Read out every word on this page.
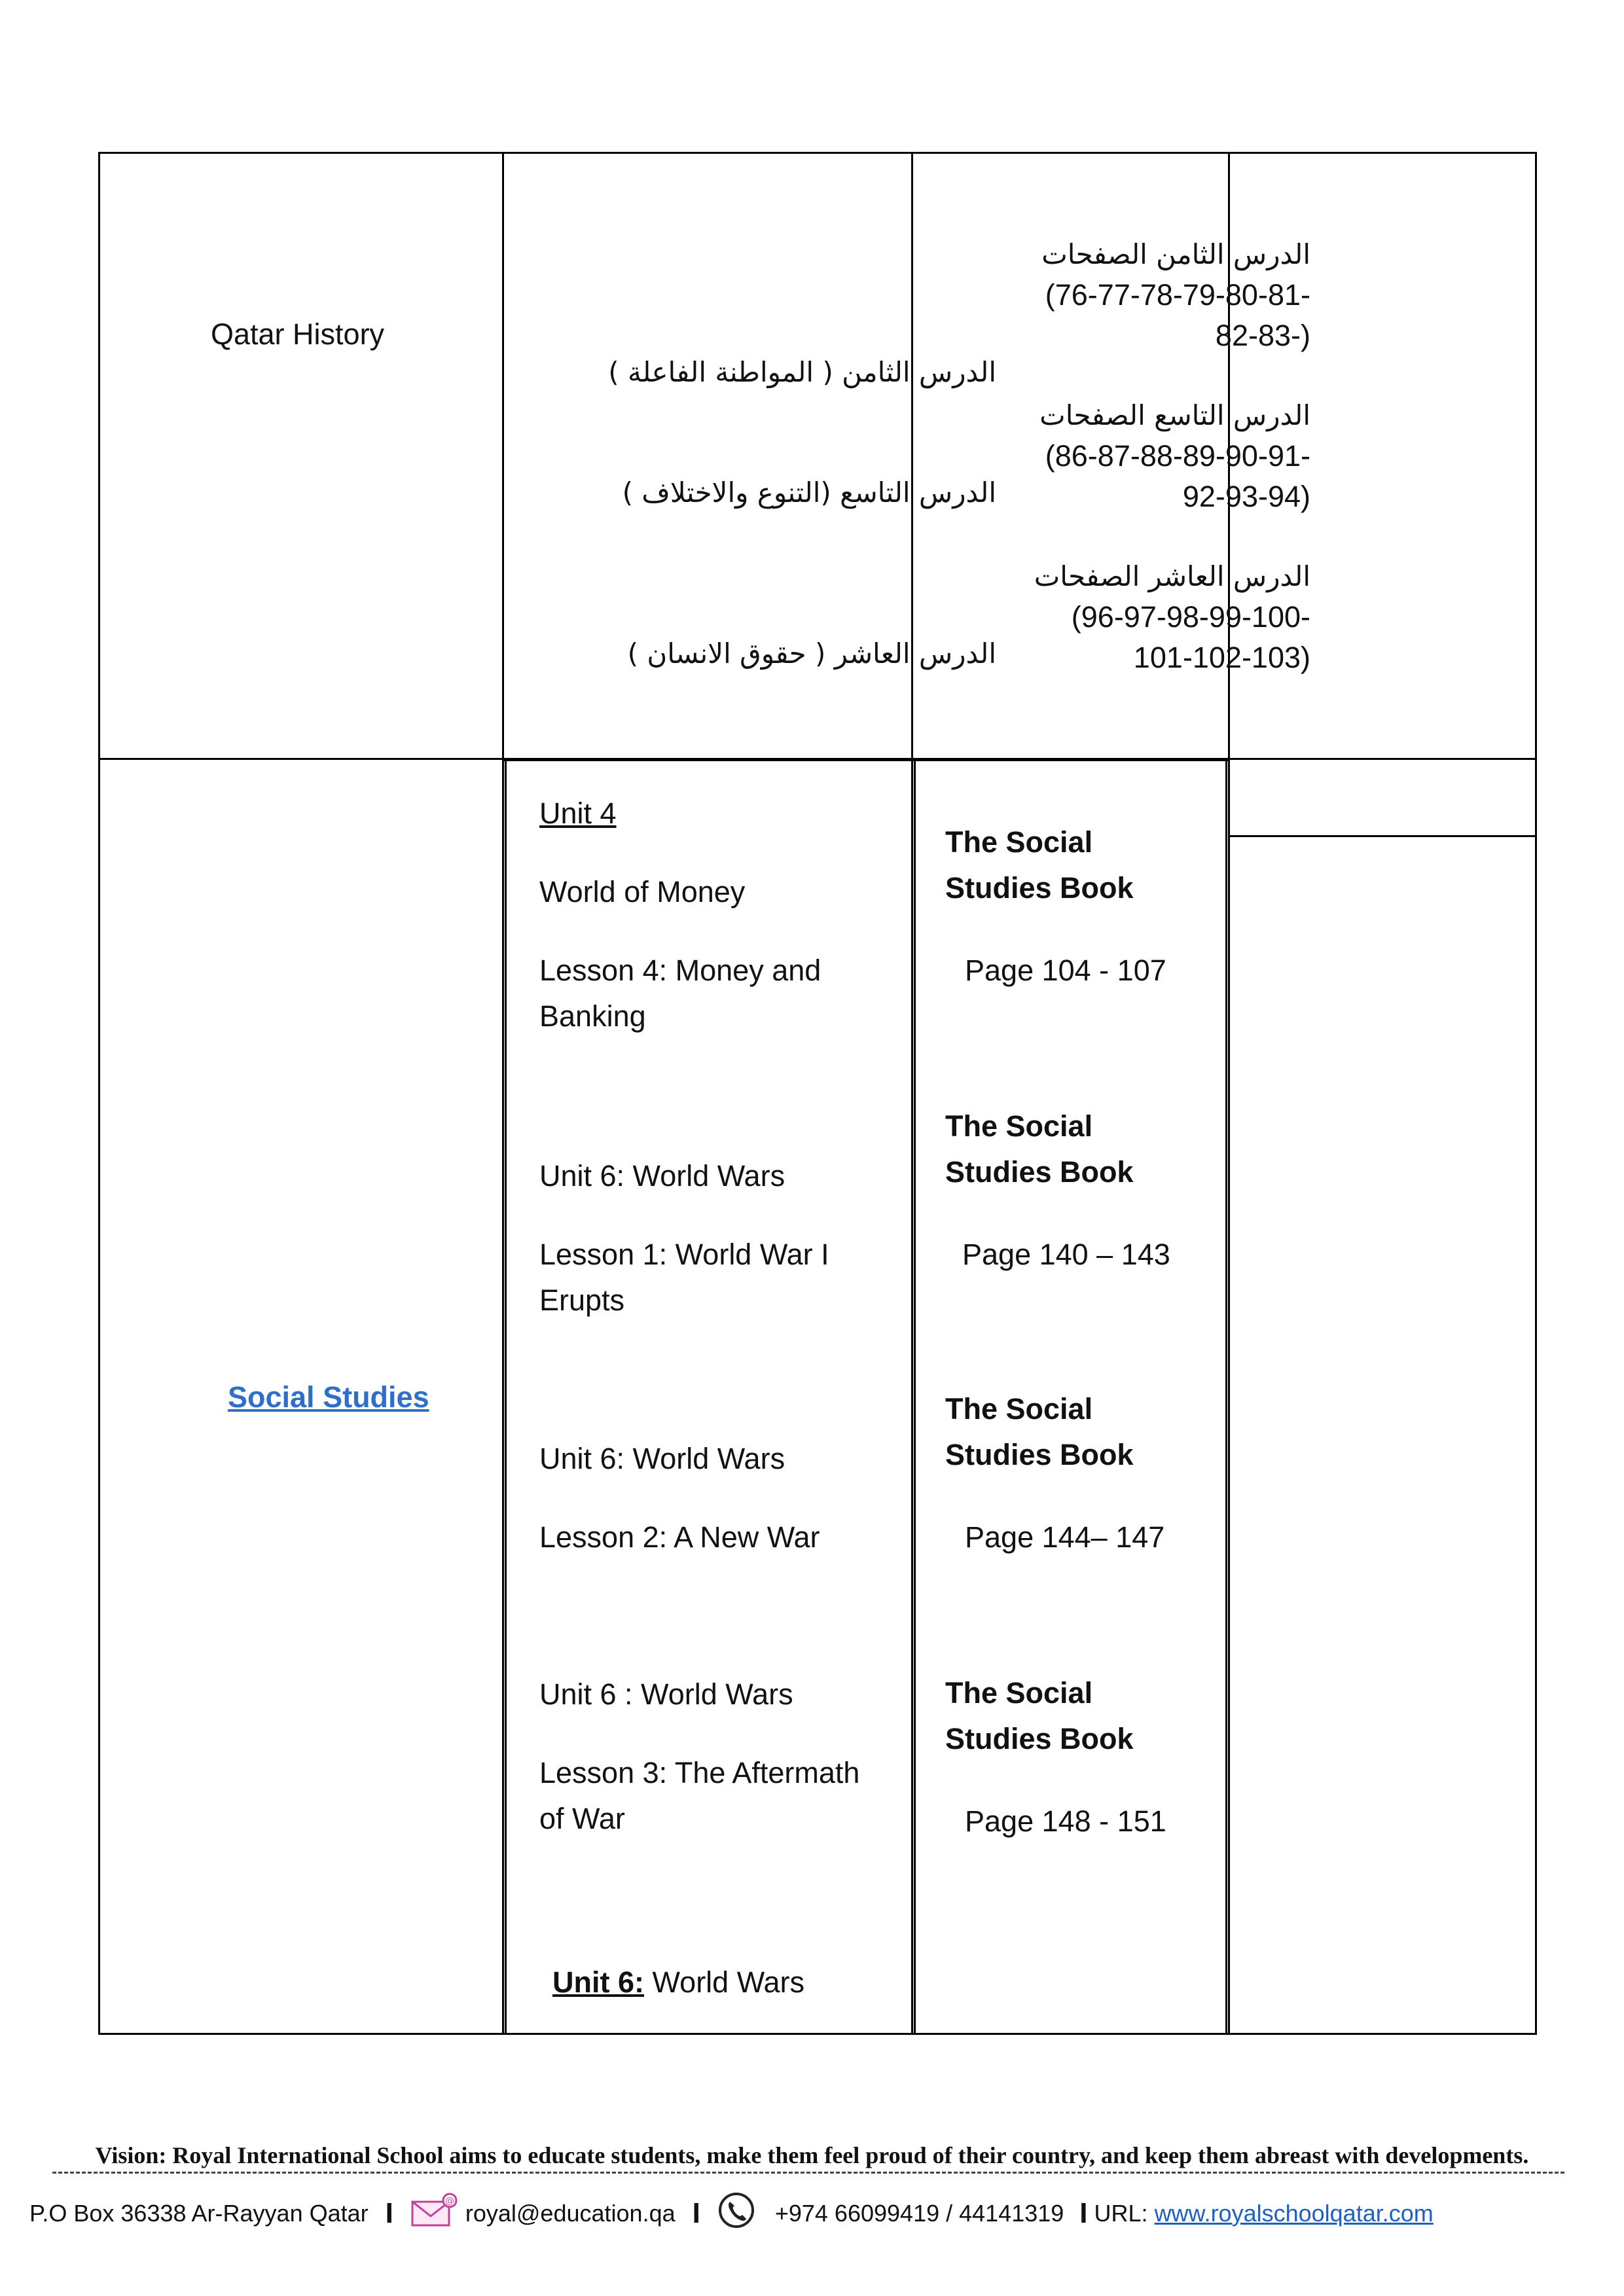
Qatar History
الدرس الثامن ( المواطنة الفاعلة )
الدرس التاسع (التنوع والاختلاف )
الدرس العاشر ( حقوق الانسان )
الدرس الثامن الصفحات
(76-77-78-79-80-81-
82-83-)
الدرس التاسع الصفحات
(86-87-88-89-90-91-
92-93-94)
الدرس العاشر الصفحات
(96-97-98-99-100-
101-102-103)
Social Studies
Unit 4
World of Money
Lesson 4: Money and
Banking
Unit 6: World Wars
Lesson 1: World War I
Erupts
Unit 6: World Wars
Lesson 2: A New War
Unit 6 : World Wars
Lesson 3: The Aftermath
of War
Unit 6: World Wars
The Social
Studies Book
Page 104 - 107
The Social
Studies Book
Page 140 – 143
The Social
Studies Book
Page 144– 147
The Social
Studies Book
Page 148 - 151
Vision: Royal International School aims to educate students, make them feel proud of their country, and keep them abreast with developments.
P.O Box 36338 Ar-Rayyan Qatar I	@ royal@education.qa I	+974 66099419 / 44141319 I URL: www.royalschoolqatar.com
